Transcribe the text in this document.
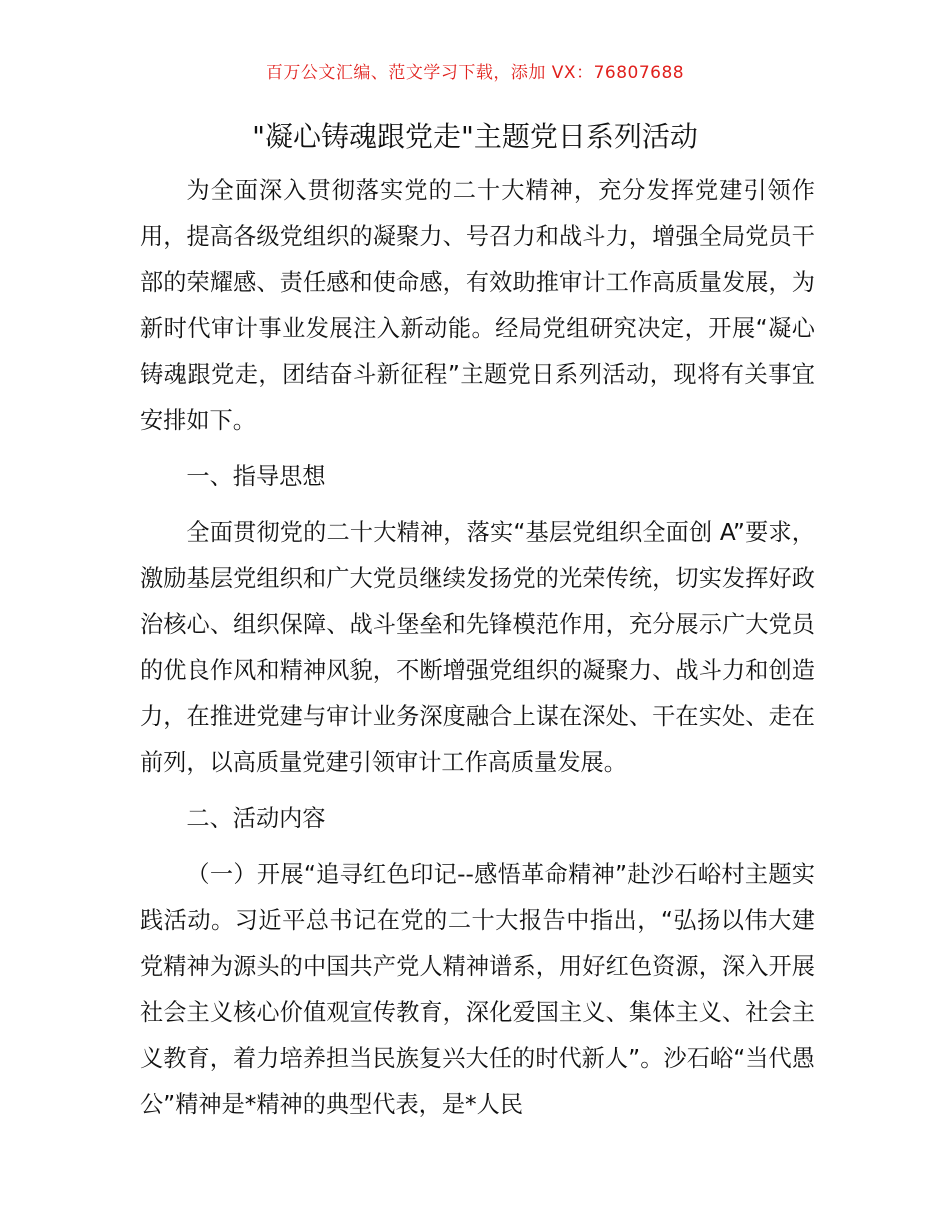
百万公文汇编、范文学习下载，添加 VX：76807688
"凝心铸魂跟党走"主题党日系列活动

为全面深入贯彻落实党的二十大精神，充分发挥党建引领作用，提高各级党组织的凝聚力、号召力和战斗力，增强全局党员干部的荣耀感、责任感和使命感，有效助推审计工作高质量发展，为新时代审计事业发展注入新动能。经局党组研究决定，开展“凝心铸魂跟党走，团结奋斗新征程”主题党日系列活动，现将有关事宜安排如下。

一、指导思想

全面贯彻党的二十大精神，落实“基层党组织全面创 A”要求，激励基层党组织和广大党员继续发扬党的光荣传统，切实发挥好政治核心、组织保障、战斗堡垒和先锋模范作用，充分展示广大党员的优良作风和精神风貌，不断增强党组织的凝聚力、战斗力和创造力，在推进党建与审计业务深度融合上谋在深处、干在实处、走在前列，以高质量党建引领审计工作高质量发展。

二、活动内容

（一）开展“追寻红色印记--感悟革命精神”赴沙石峪村主题实践活动。习近平总书记在党的二十大报告中指出，“弘扬以伟大建党精神为源头的中国共产党人精神谱系，用好红色资源，深入开展社会主义核心价值观宣传教育，深化爱国主义、集体主义、社会主义教育，着力培养担当民族复兴大任的时代新人”。沙石峪“当代愚公”精神是*精神的典型代表，是*人民
